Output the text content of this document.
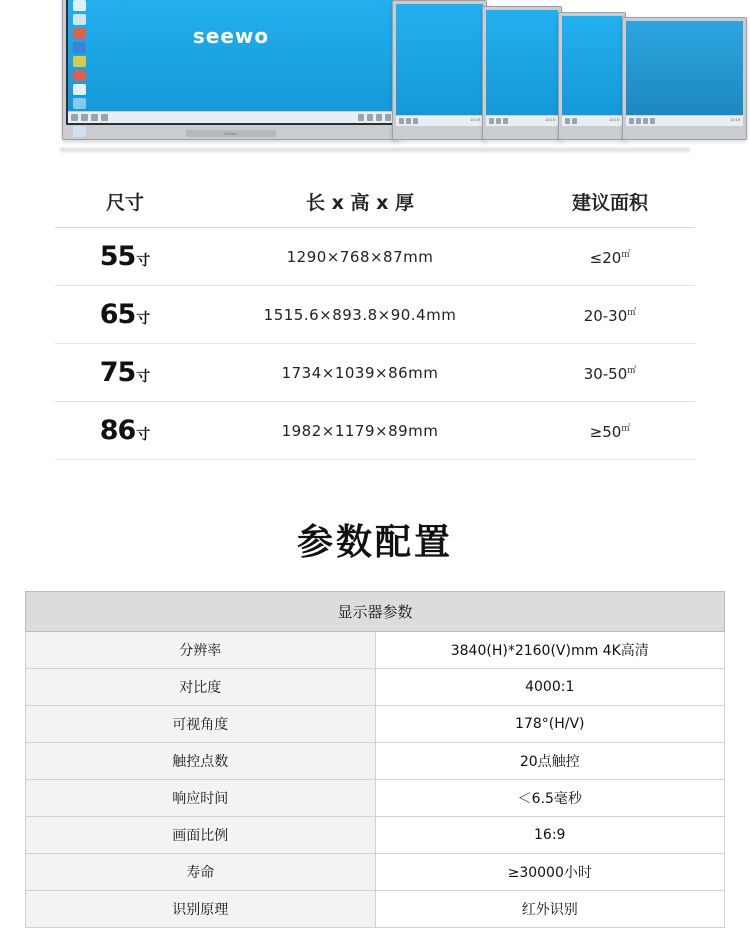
seewo
seewo
13:19	13:19	13:19	13:19
尺寸	长 x 高 x 厚	建议面积
55寸	1290×768×87mm	≤20㎡
65寸	1515.6×893.8×90.4mm	20-30㎡
75寸	1734×1039×86mm	30-50㎡
86寸	1982×1179×89mm	≥50㎡
参数配置
显示器参数	
分辨率	3840(H)*2160(V)mm 4K高清
对比度	4000:1
可视角度	178°(H/V)
触控点数	20点触控
响应时间	＜6.5毫秒
画面比例	16:9
寿命	≥30000小时
识别原理	红外识别
